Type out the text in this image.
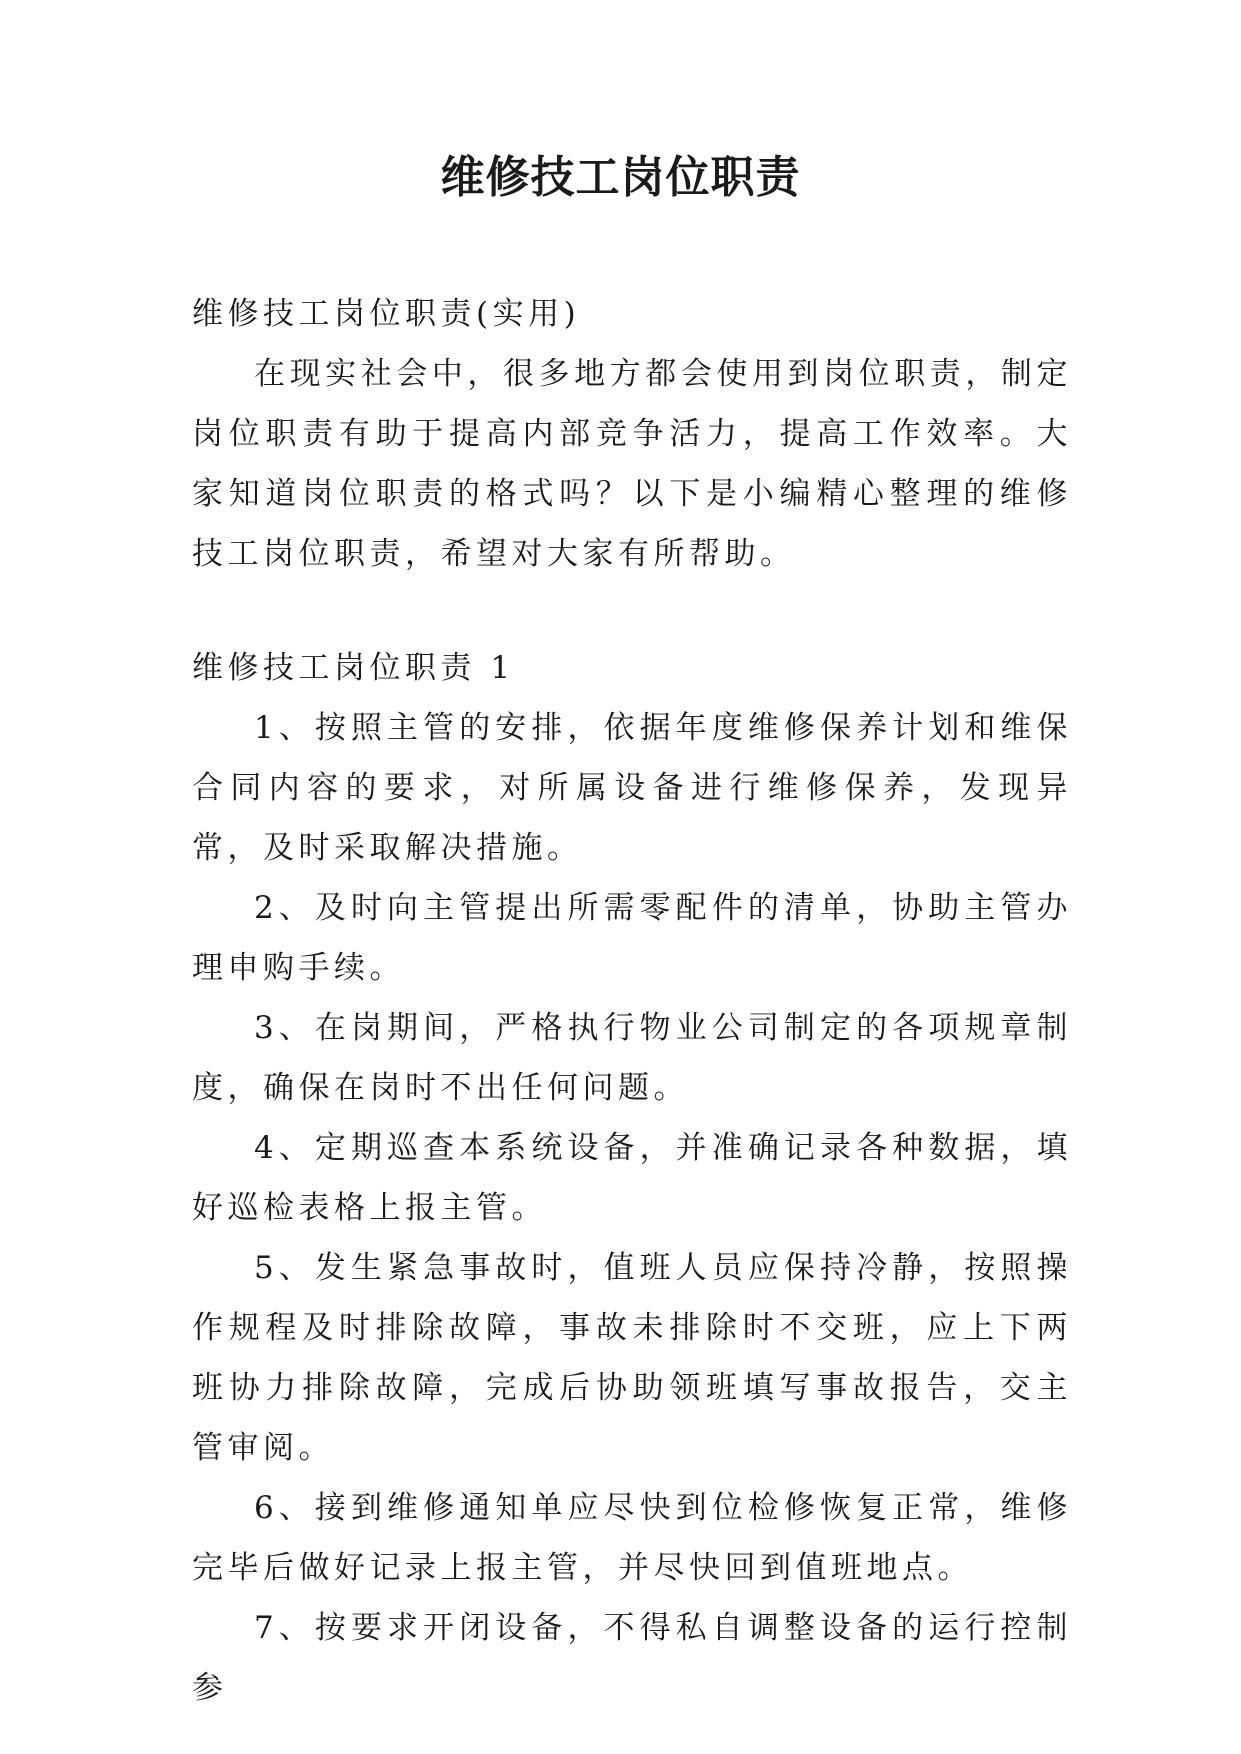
维修技工岗位职责

维修技工岗位职责(实用)

在现实社会中，很多地方都会使用到岗位职责，制定岗位职责有助于提高内部竞争活力，提高工作效率。大家知道岗位职责的格式吗？以下是小编精心整理的维修技工岗位职责，希望对大家有所帮助。

维修技工岗位职责 1

1、按照主管的安排，依据年度维修保养计划和维保合同内容的要求，对所属设备进行维修保养，发现异常，及时采取解决措施。

2、及时向主管提出所需零配件的清单，协助主管办理申购手续。

3、在岗期间，严格执行物业公司制定的各项规章制度，确保在岗时不出任何问题。

4、定期巡查本系统设备，并准确记录各种数据，填好巡检表格上报主管。

5、发生紧急事故时，值班人员应保持冷静，按照操作规程及时排除故障，事故未排除时不交班，应上下两班协力排除故障，完成后协助领班填写事故报告，交主管审阅。

6、接到维修通知单应尽快到位检修恢复正常，维修完毕后做好记录上报主管，并尽快回到值班地点。

7、按要求开闭设备，不得私自调整设备的运行控制参
